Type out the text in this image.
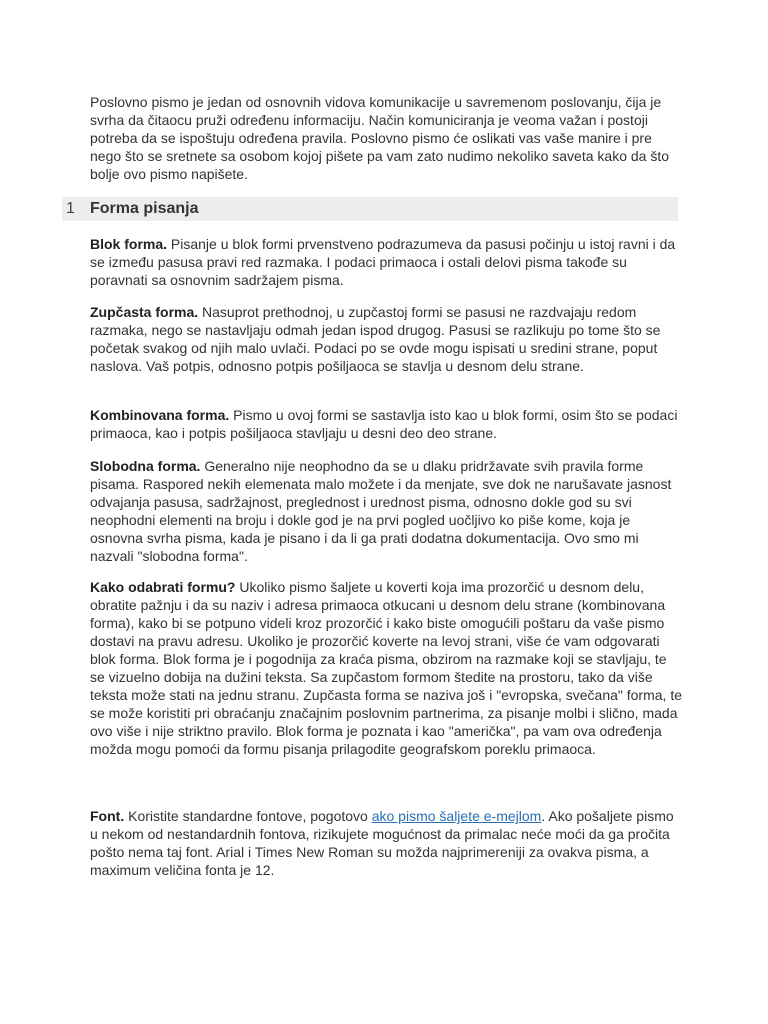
Poslovno pismo je jedan od osnovnih vidova komunikacije u savremenom poslovanju, čija je svrha da čitaocu pruži određenu informaciju. Način komuniciranja je veoma važan i postoji potreba da se ispoštuju određena pravila. Poslovno pismo će oslikati vas vaše manire i pre nego što se sretnete sa osobom kojoj pišete pa vam zato nudimo nekoliko saveta kako da što bolje ovo pismo napišete.

1 Forma pisanja

Blok forma. Pisanje u blok formi prvenstveno podrazumeva da pasusi počinju u istoj ravni i da se između pasusa pravi red razmaka. I podaci primaoca i ostali delovi pisma takođe su poravnati sa osnovnim sadržajem pisma.

Zupčasta forma. Nasuprot prethodnoj, u zupčastoj formi se pasusi ne razdvajaju redom razmaka, nego se nastavljaju odmah jedan ispod drugog. Pasusi se razlikuju po tome što se početak svakog od njih malo uvlači. Podaci po se ovde mogu ispisati u sredini strane, poput naslova. Vaš potpis, odnosno potpis pošiljaoca se stavlja u desnom delu strane.

Kombinovana forma. Pismo u ovoj formi se sastavlja isto kao u blok formi, osim što se podaci primaoca, kao i potpis pošiljaoca stavljaju u desni deo deo strane.

Slobodna forma. Generalno nije neophodno da se u dlaku pridržavate svih pravila forme pisama. Raspored nekih elemenata malo možete i da menjate, sve dok ne narušavate jasnost odvajanja pasusa, sadržajnost, preglednost i urednost pisma, odnosno dokle god su svi neophodni elementi na broju i dokle god je na prvi pogled uočljivo ko piše kome, koja je osnovna svrha pisma, kada je pisano i da li ga prati dodatna dokumentacija. Ovo smo mi nazvali "slobodna forma".

Kako odabrati formu? Ukoliko pismo šaljete u koverti koja ima prozorčić u desnom delu, obratite pažnju i da su naziv i adresa primaoca otkucani u desnom delu strane (kombinovana forma), kako bi se potpuno videli kroz prozorčić i kako biste omogućili poštaru da vaše pismo dostavi na pravu adresu. Ukoliko je prozorčić koverte na levoj strani, više će vam odgovarati blok forma. Blok forma je i pogodnija za kraća pisma, obzirom na razmake koji se stavljaju, te se vizuelno dobija na dužini teksta. Sa zupčastom formom štedite na prostoru, tako da više teksta može stati na jednu stranu. Zupčasta forma se naziva još i "evropska, svečana" forma, te se može koristiti pri obraćanju značajnim poslovnim partnerima, za pisanje molbi i slično, mada ovo više i nije striktno pravilo. Blok forma je poznata i kao "američka", pa vam ova određenja možda mogu pomoći da formu pisanja prilagodite geografskom poreklu primaoca.

Font. Koristite standardne fontove, pogotovo ako pismo šaljete e-mejlom. Ako pošaljete pismo u nekom od nestandardnih fontova, rizikujete mogućnost da primalac neće moći da ga pročita pošto nema taj font. Arial i Times New Roman su možda najprimereniji za ovakva pisma, a maximum veličina fonta je 12.
